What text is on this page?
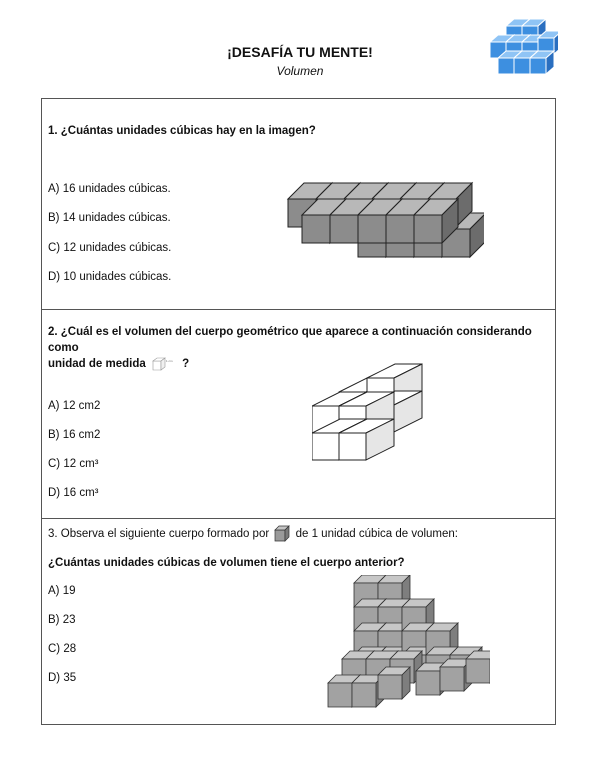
¡DESAFÍA TU MENTE!
Volumen
1. ¿Cuántas unidades cúbicas hay en la imagen?
A) 16 unidades cúbicas.
B) 14 unidades cúbicas.
C) 12 unidades cúbicas.
D) 10 unidades cúbicas.
2. ¿Cuál es el volumen del cuerpo geométrico que aparece a continuación considerando como
unidad de medida	1 cm ?
A) 12 cm2
B) 16 cm2
C) 12 cm³
D) 16 cm³
3. Observa el siguiente cuerpo formado por de 1 unidad cúbica de volumen:
¿Cuántas unidades cúbicas de volumen tiene el cuerpo anterior?
A) 19
B) 23
C) 28
D) 35
